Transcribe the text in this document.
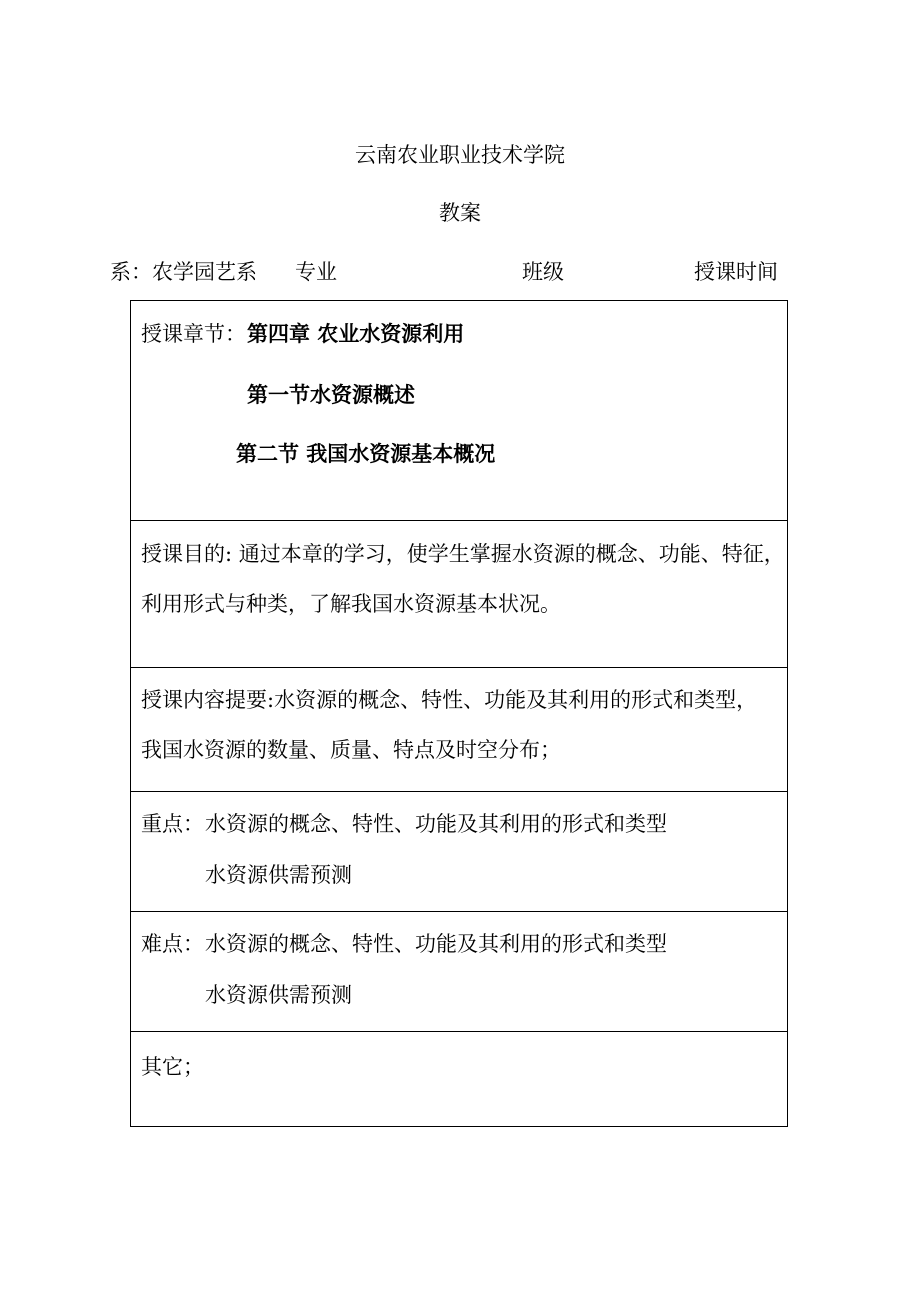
云南农业职业技术学院
教案
系：农学园艺系 专业	班级	授课时间
授课章节： 第四章 农业水资源利用
第一节水资源概述
第二节 我国水资源基本概况
授课目的: 通过本章的学习，使学生掌握水资源的概念、功能、特征，
利用形式与种类，了解我国水资源基本状况。
授课内容提要:水资源的概念、特性、功能及其利用的形式和类型，
我国水资源的数量、质量、特点及时空分布；
重点： 水资源的概念、特性、功能及其利用的形式和类型
水资源供需预测
难点： 水资源的概念、特性、功能及其利用的形式和类型
水资源供需预测
其它；
